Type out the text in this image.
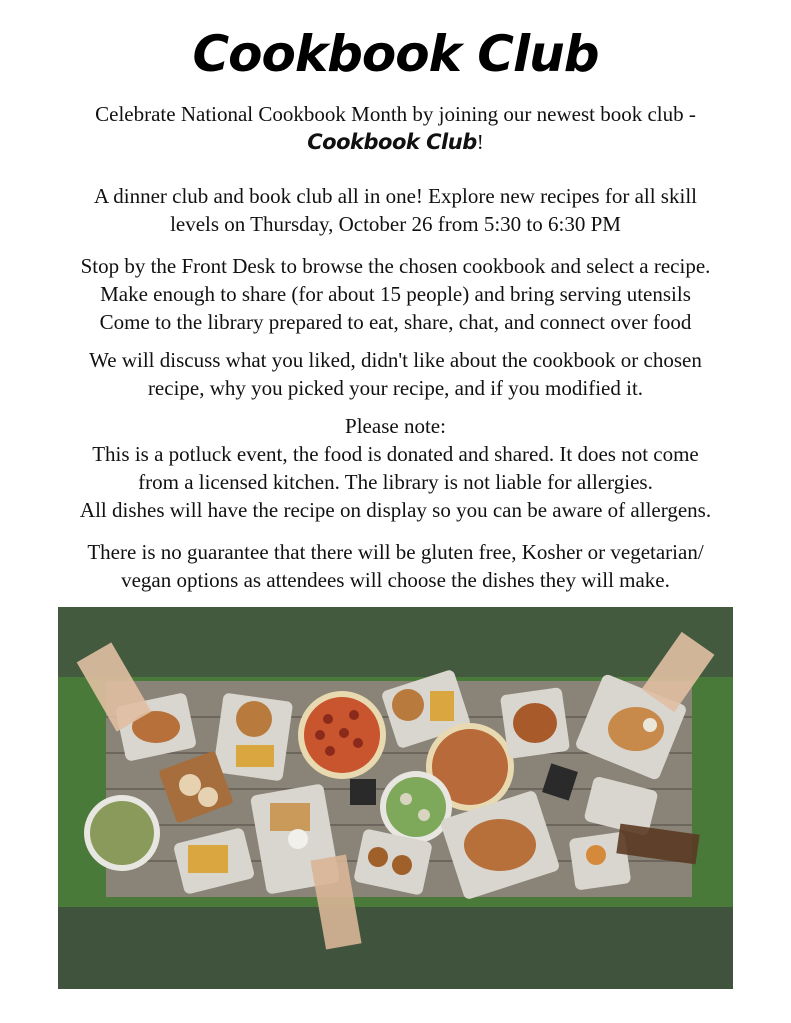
Cookbook Club
Celebrate National Cookbook Month by joining our newest book club -
Cookbook Club!
A dinner club and book club all in one! Explore new recipes for all skill
levels on Thursday, October 26 from 5:30 to 6:30 PM
Stop by the Front Desk to browse the chosen cookbook and select a recipe.
Make enough to share (for about 15 people) and bring serving utensils
Come to the library prepared to eat, share, chat, and connect over food
We will discuss what you liked, didn't like about the cookbook or chosen
recipe, why you picked your recipe, and if you modified it.
Please note:
This is a potluck event, the food is donated and shared. It does not come
from a licensed kitchen. The library is not liable for allergies.
All dishes will have the recipe on display so you can be aware of allergens.
There is no guarantee that there will be gluten free, Kosher or vegetarian/
vegan options as attendees will choose the dishes they will make.
